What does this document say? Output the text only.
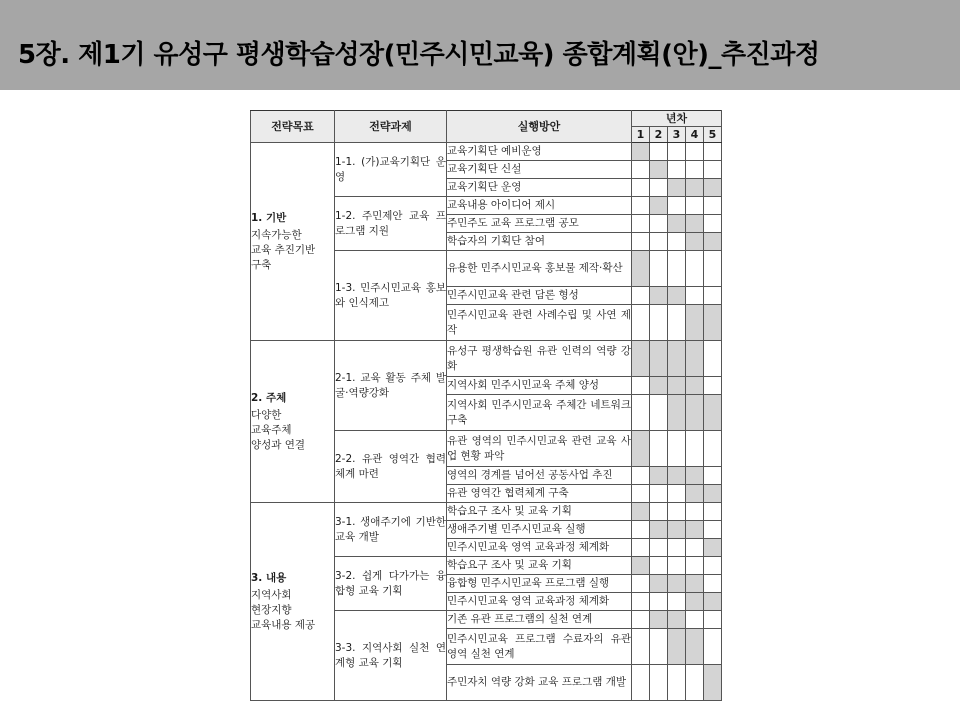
5장. 제1기 유성구 평생학습성장(민주시민교육) 종합계획(안)_추진과정
전략목표	전략과제	실행방안	년차				
			1	2	3	4	5

1. 기반
지속가능한
교육 추진기반
구축	1-1. (가)교육기획단 운영	교육기획단 예비운영					
		교육기획단 신설					
		교육기획단 운영					
	1-2. 주민제안 교육 프로그램 지원	교육내용 아이디어 제시					
		주민주도 교육 프로그램 공모					
		학습자의 기획단 참여					
	1-3. 민주시민교육 홍보와 인식제고	유용한 민주시민교육 홍보물 제작·확산					
		민주시민교육 관련 담론 형성					
		민주시민교육 관련 사례수립 및 사연 제작					

2. 주체
다양한
교육주체
양성과 연결	2-1. 교육 활동 주체 발굴·역량강화	유성구 평생학습원 유관 인력의 역량 강화					
		지역사회 민주시민교육 주체 양성					
		지역사회 민주시민교육 주체간 네트워크 구축					
	2-2. 유관 영역간 협력체계 마련	유관 영역의 민주시민교육 관련 교육 사업 현황 파악					
		영역의 경계를 넘어선 공동사업 추진					
		유관 영역간 협력체계 구축					

3. 내용
지역사회
현장지향
교육내용 제공	3-1. 생애주기에 기반한 교육 개발	학습요구 조사 및 교육 기획					
		생애주기별 민주시민교육 실행					
		민주시민교육 영역 교육과정 체계화					
	3-2. 쉽게 다가가는 융합형 교육 기획	학습요구 조사 및 교육 기획					
		융합형 민주시민교육 프로그램 실행					
		민주시민교육 영역 교육과정 체계화					
	3-3. 지역사회 실천 연계형 교육 기획	기존 유관 프로그램의 실천 연계					
		민주시민교육 프로그램 수료자의 유관 영역 실천 연계					
		주민자치 역량 강화 교육 프로그램 개발					
